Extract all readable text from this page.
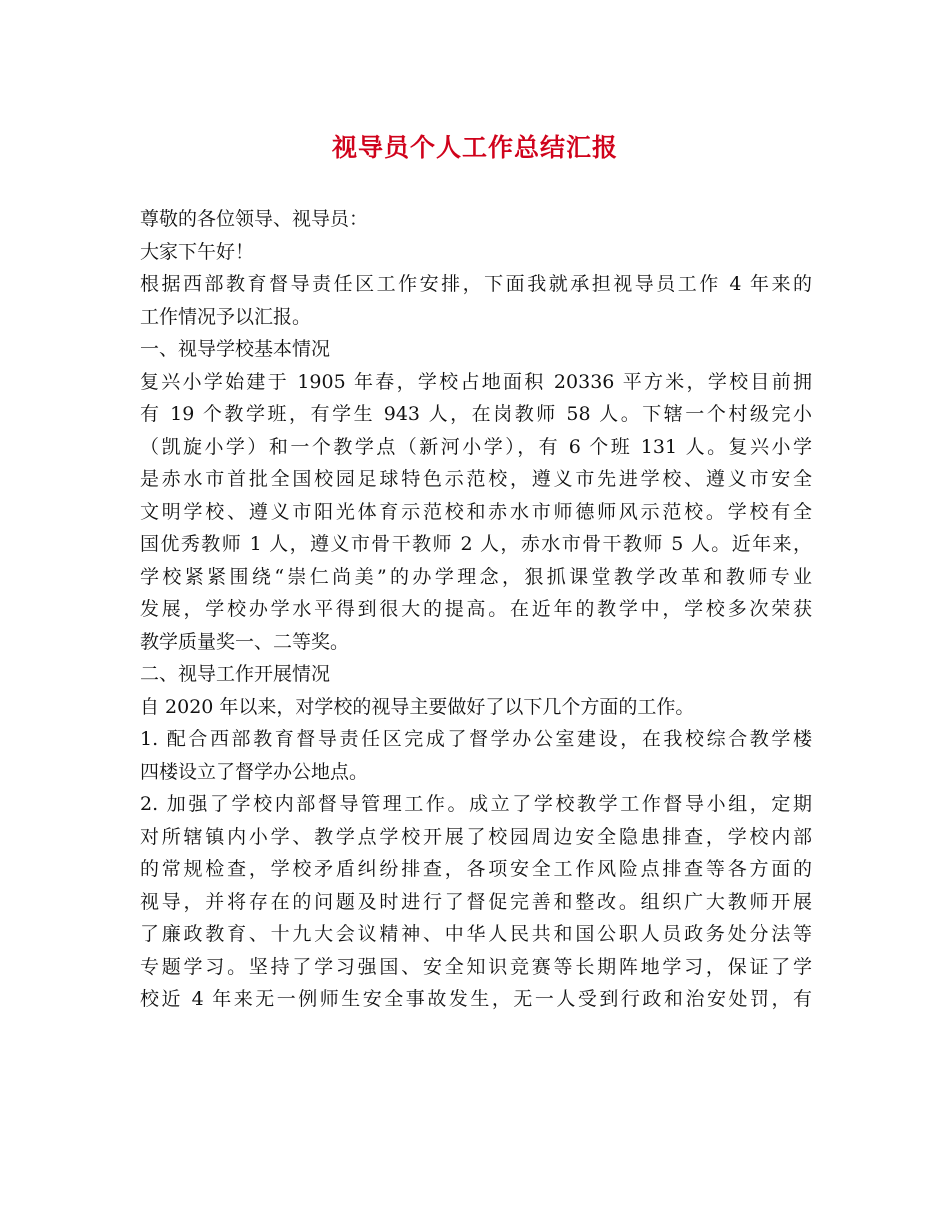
视导员个人工作总结汇报
尊敬的各位领导、视导员：
大家下午好！
根据西部教育督导责任区工作安排，下面我就承担视导员工作 4 年来的
工作情况予以汇报。
一、视导学校基本情况
复兴小学始建于 1905 年春，学校占地面积 20336 平方米，学校目前拥
有 19 个教学班，有学生 943 人，在岗教师 58 人。下辖一个村级完小
（凯旋小学）和一个教学点（新河小学），有 6 个班 131 人。复兴小学
是赤水市首批全国校园足球特色示范校，遵义市先进学校、遵义市安全
文明学校、遵义市阳光体育示范校和赤水市师德师风示范校。学校有全
国优秀教师 1 人，遵义市骨干教师 2 人，赤水市骨干教师 5 人。近年来，
学校紧紧围绕“崇仁尚美”的办学理念，狠抓课堂教学改革和教师专业
发展，学校办学水平得到很大的提高。在近年的教学中，学校多次荣获
教学质量奖一、二等奖。
二、视导工作开展情况
自 2020 年以来，对学校的视导主要做好了以下几个方面的工作。
1. 配合西部教育督导责任区完成了督学办公室建设，在我校综合教学楼
四楼设立了督学办公地点。
2. 加强了学校内部督导管理工作。成立了学校教学工作督导小组，定期
对所辖镇内小学、教学点学校开展了校园周边安全隐患排查，学校内部
的常规检查，学校矛盾纠纷排查，各项安全工作风险点排查等各方面的
视导，并将存在的问题及时进行了督促完善和整改。组织广大教师开展
了廉政教育、十九大会议精神、中华人民共和国公职人员政务处分法等
专题学习。坚持了学习强国、安全知识竞赛等长期阵地学习，保证了学
校近 4 年来无一例师生安全事故发生，无一人受到行政和治安处罚，有
